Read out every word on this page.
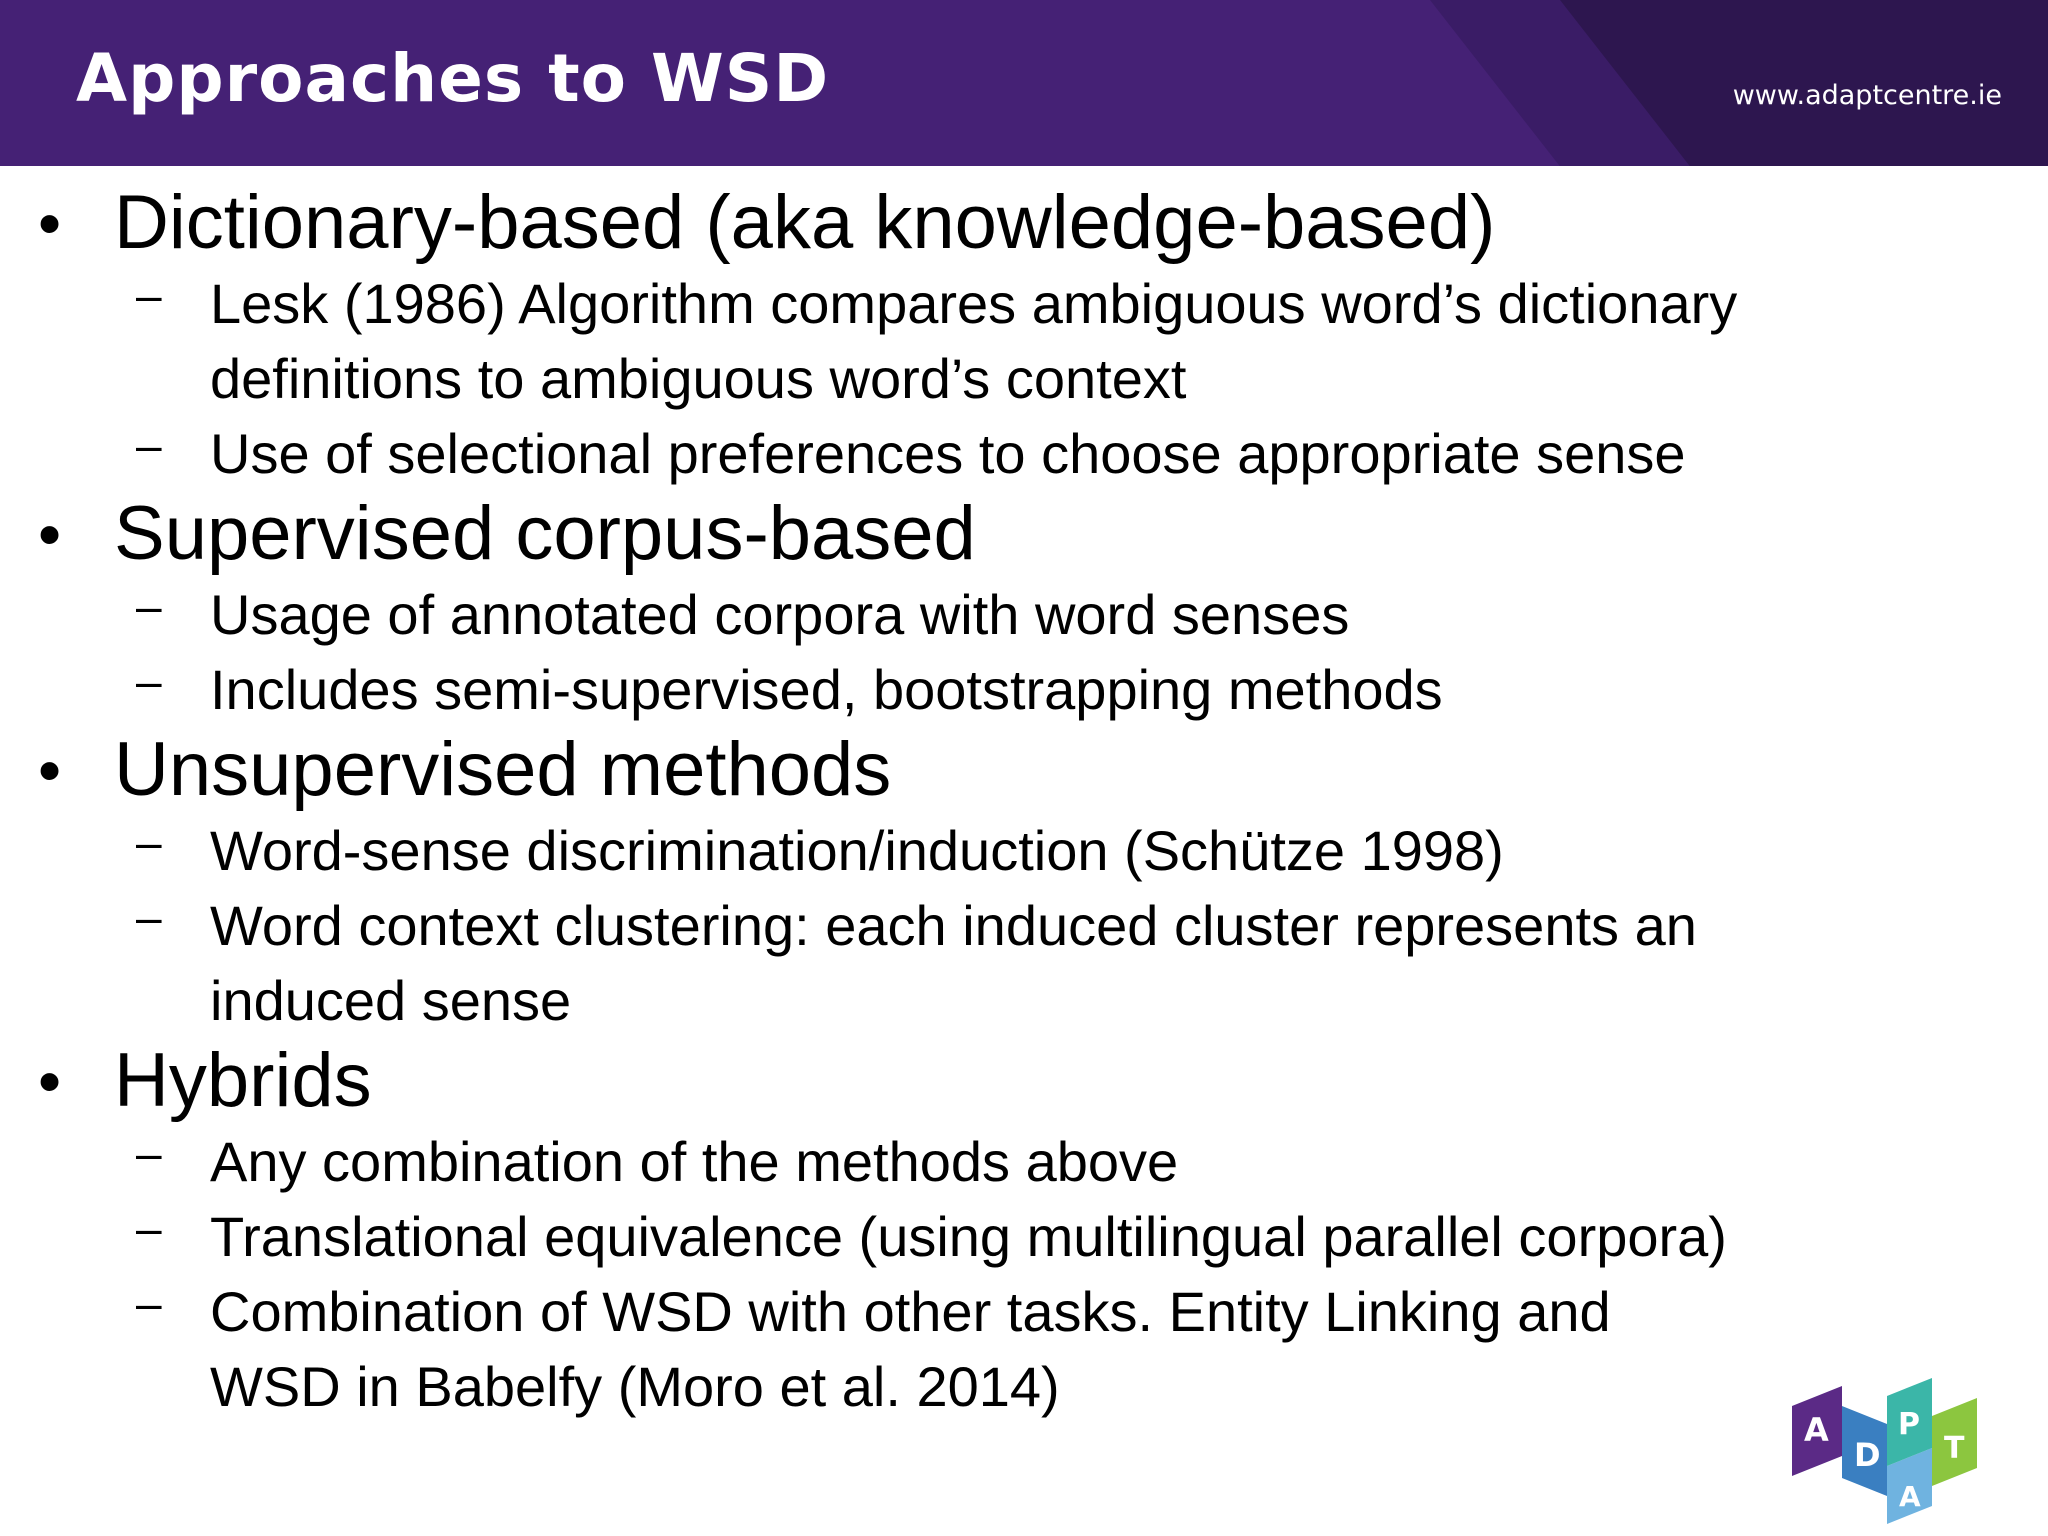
Approaches to WSD	www.adaptcentre.ie
• Dictionary-based (aka knowledge-based)
– Lesk (1986) Algorithm compares ambiguous word’s dictionary
definitions to ambiguous word’s context
– Use of selectional preferences to choose appropriate sense
• Supervised corpus-based
– Usage of annotated corpora with word senses
– Includes semi-supervised, bootstrapping methods
• Unsupervised methods
– Word-sense discrimination/induction (Schütze 1998)
– Word context clustering: each induced cluster represents an
induced sense
• Hybrids
– Any combination of the methods above
– Translational equivalence (using multilingual parallel corpora)
– Combination of WSD with other tasks. Entity Linking and
WSD in Babelfy (Moro et al. 2014)
A
D
A
P
T
